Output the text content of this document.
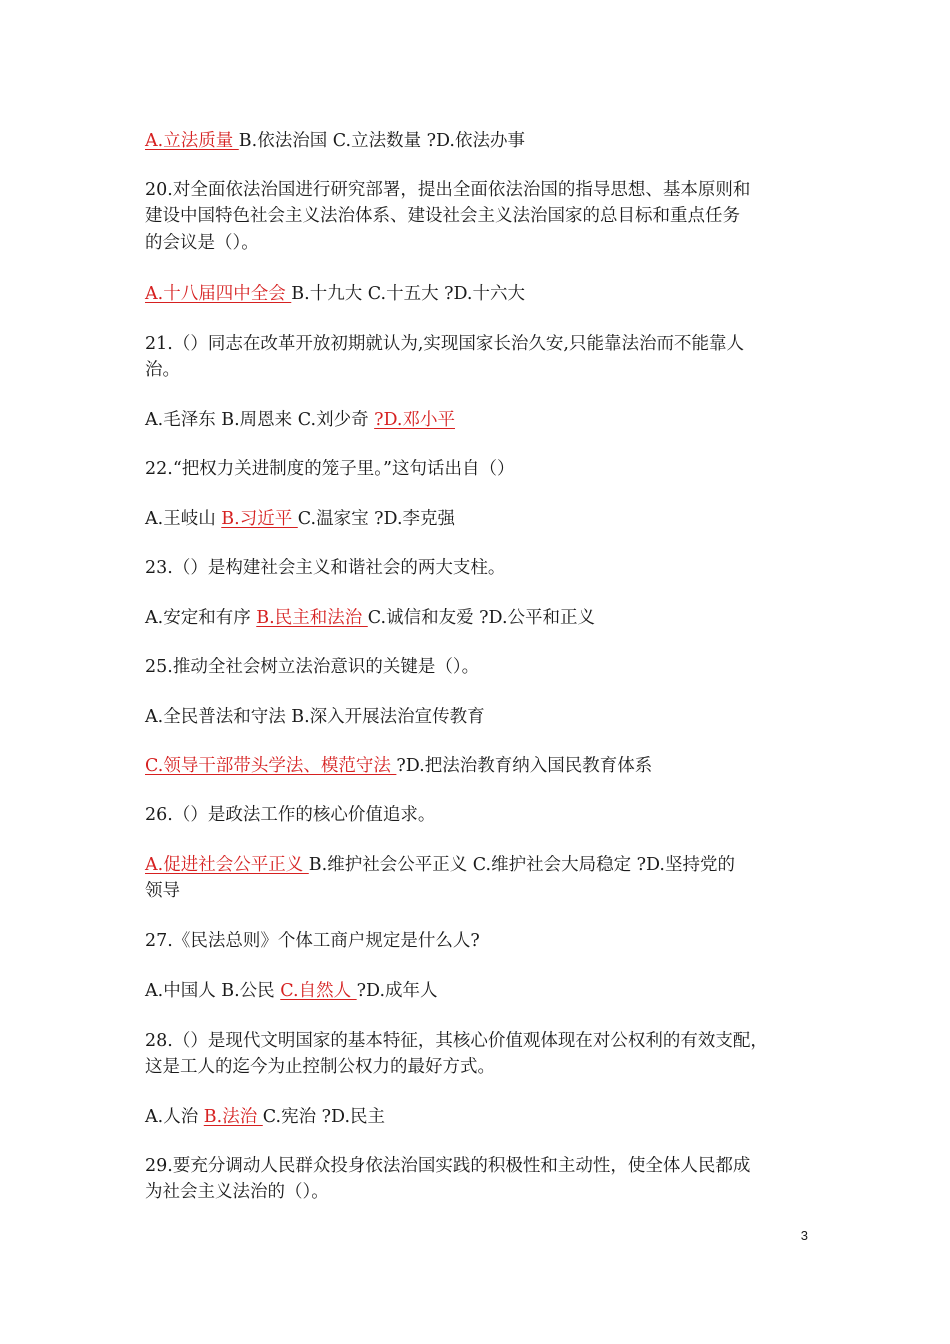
A.立法质量 B.依法治国 C.立法数量 ?D.依法办事
20.对全面依法治国进行研究部署，提出全面依法治国的指导思想、基本原则和
建设中国特色社会主义法治体系、建设社会主义法治国家的总目标和重点任务
的会议是（）。
A.十八届四中全会 B.十九大 C.十五大 ?D.十六大
21.（）同志在改革开放初期就认为,实现国家长治久安,只能靠法治而不能靠人
治。
A.毛泽东 B.周恩来 C.刘少奇 ?D.邓小平
22.“把权力关进制度的笼子里。”这句话出自（）
A.王岐山 B.习近平 C.温家宝 ?D.李克强
23.（）是构建社会主义和谐社会的两大支柱。
A.安定和有序 B.民主和法治 C.诚信和友爱 ?D.公平和正义
25.推动全社会树立法治意识的关键是（）。
A.全民普法和守法 B.深入开展法治宣传教育
C.领导干部带头学法、模范守法 ?D.把法治教育纳入国民教育体系
26.（）是政法工作的核心价值追求。
A.促进社会公平正义 B.维护社会公平正义 C.维护社会大局稳定 ?D.坚持党的
领导
27.《民法总则》个体工商户规定是什么人?
A.中国人 B.公民 C.自然人 ?D.成年人
28.（）是现代文明国家的基本特征，其核心价值观体现在对公权利的有效支配，
这是工人的迄今为止控制公权力的最好方式。
A.人治 B.法治 C.宪治 ?D.民主
29.要充分调动人民群众投身依法治国实践的积极性和主动性，使全体人民都成
为社会主义法治的（）。
3
